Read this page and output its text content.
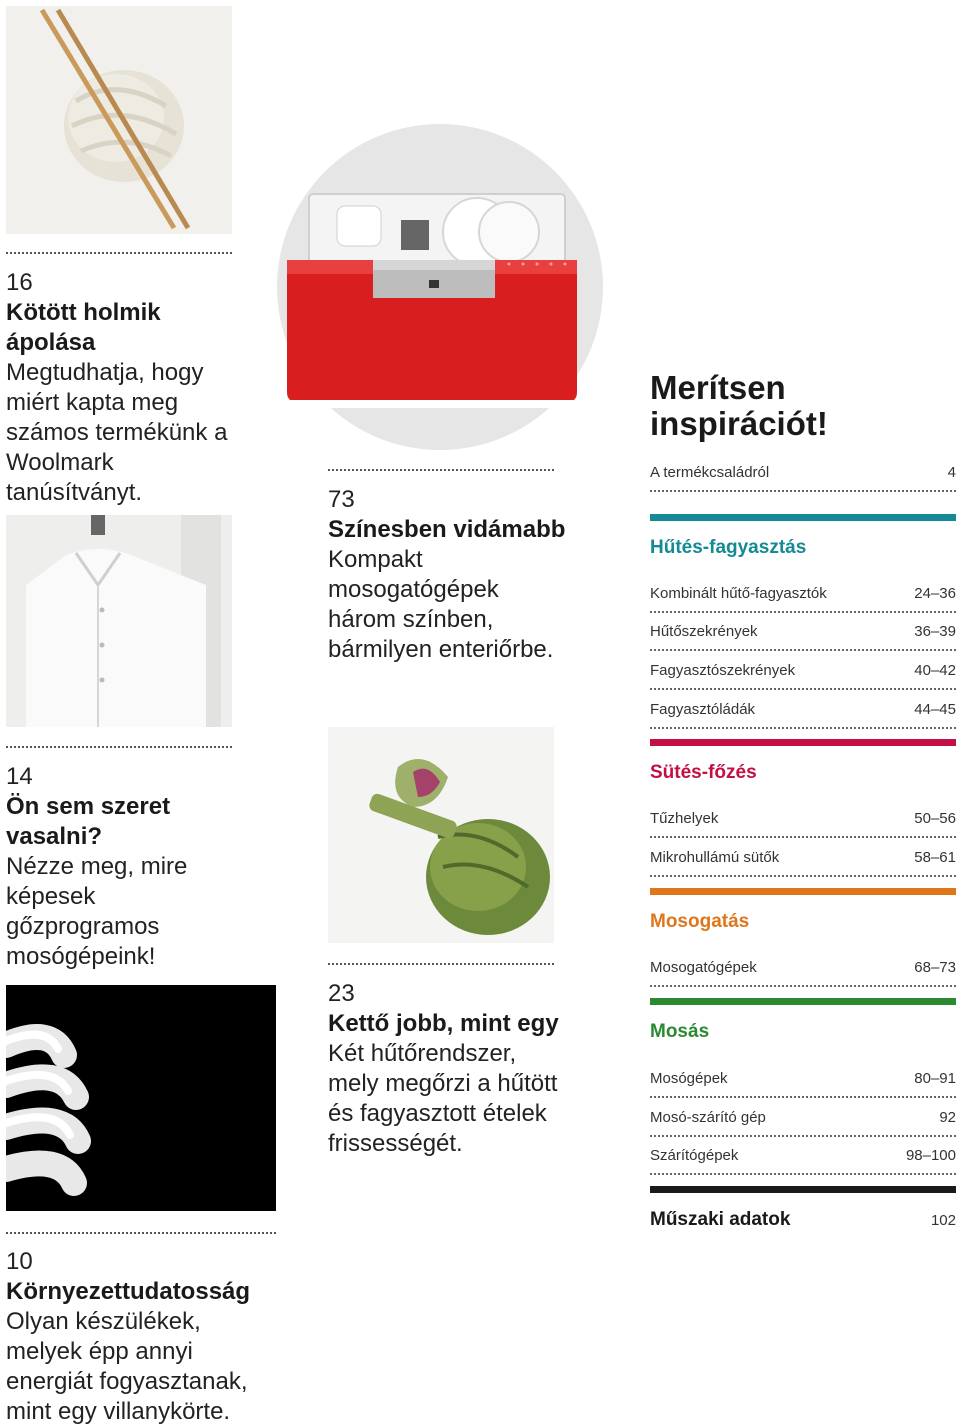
16
Kötött holmik ápolása
Megtudhatja, hogy miért kapta meg számos termékünk a Woolmark tanúsítványt.
14
Ön sem szeret vasalni?
Nézze meg, mire képesek gőzprogramos mosógépeink!
10
Környezettudatosság
Olyan készülékek, melyek épp annyi energiát fogyasztanak, mint egy villanykörte.
73
Színesben vidámabb
Kompakt mosogatógépek három színben, bármilyen enteriőrbe.
23
Kettő jobb, mint egy
Két hűtőrendszer, mely megőrzi a hűtött és fagyasztott ételek frissességét.
Merítsen
inspirációt!
A termékcsaládról	4
Hűtés-fagyasztás
Kombinált hűtő-fagyasztók	24–36
Hűtőszekrények	36–39
Fagyasztószekrények	40–42
Fagyasztóládák	44–45
Sütés-főzés
Tűzhelyek	50–56
Mikrohullámú sütők	58–61
Mosogatás
Mosogatógépek	68–73
Mosás
Mosógépek	80–91
Mosó-szárító gép	92
Szárítógépek	98–100
Műszaki adatok	102
